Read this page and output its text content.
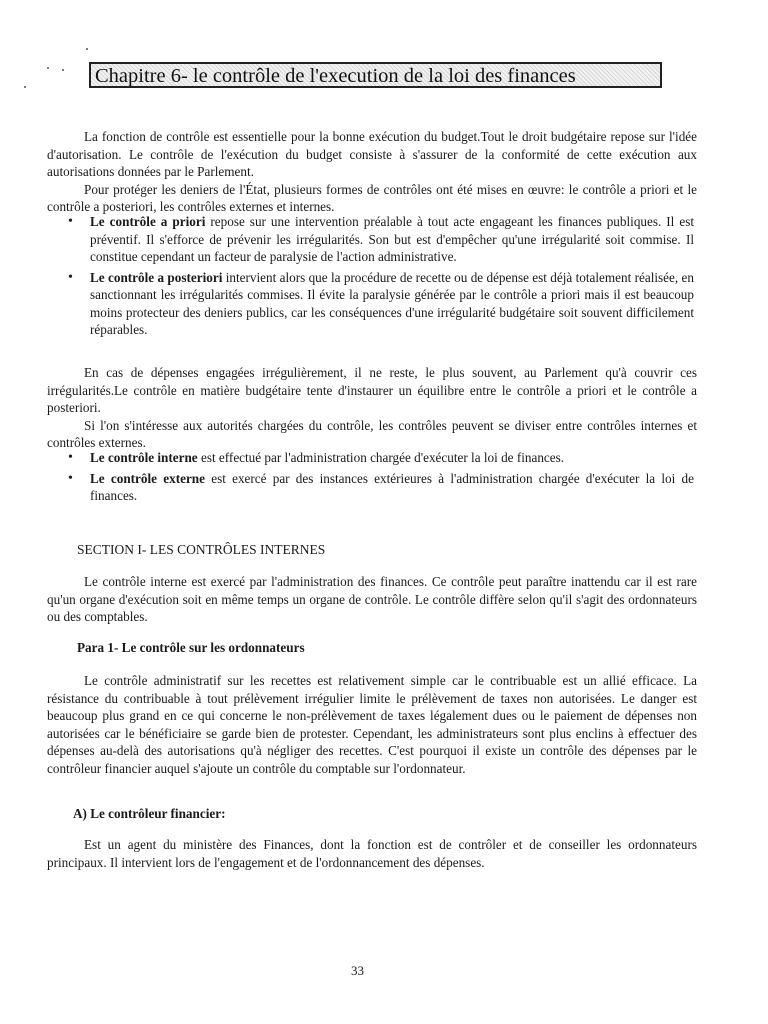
Chapitre 6- le contrôle de l'execution de la loi des finances

La fonction de contrôle est essentielle pour la bonne exécution du budget.Tout le droit budgétaire repose sur l'idée d'autorisation. Le contrôle de l'exécution du budget consiste à s'assurer de la conformité de cette exécution aux autorisations données par le Parlement.

Pour protéger les deniers de l'État, plusieurs formes de contrôles ont été mises en œuvre: le contrôle a priori et le contrôle a posteriori, les contrôles externes et internes.

• Le contrôle a priori repose sur une intervention préalable à tout acte engageant les finances publiques. Il est préventif. Il s'efforce de prévenir les irrégularités. Son but est d'empêcher qu'une irrégularité soit commise. Il constitue cependant un facteur de paralysie de l'action administrative.
• Le contrôle a posteriori intervient alors que la procédure de recette ou de dépense est déjà totalement réalisée, en sanctionnant les irrégularités commises. Il évite la paralysie générée par le contrôle a priori mais il est beaucoup moins protecteur des deniers publics, car les conséquences d'une irrégularité budgétaire soit souvent difficilement réparables.

En cas de dépenses engagées irrégulièrement, il ne reste, le plus souvent, au Parlement qu'à couvrir ces irrégularités.Le contrôle en matière budgétaire tente d'instaurer un équilibre entre le contrôle a priori et le contrôle a posteriori.

Si l'on s'intéresse aux autorités chargées du contrôle, les contrôles peuvent se diviser entre contrôles internes et contrôles externes.

• Le contrôle interne est effectué par l'administration chargée d'exécuter la loi de finances.
• Le contrôle externe est exercé par des instances extérieures à l'administration chargée d'exécuter la loi de finances.
SECTION I- LES CONTRÔLES INTERNES

Le contrôle interne est exercé par l'administration des finances. Ce contrôle peut paraître inattendu car il est rare qu'un organe d'exécution soit en même temps un organe de contrôle. Le contrôle diffère selon qu'il s'agit des ordonnateurs ou des comptables.

Para 1- Le contrôle sur les ordonnateurs

Le contrôle administratif sur les recettes est relativement simple car le contribuable est un allié efficace. La résistance du contribuable à tout prélèvement irrégulier limite le prélèvement de taxes non autorisées. Le danger est beaucoup plus grand en ce qui concerne le non-prélèvement de taxes légalement dues ou le paiement de dépenses non autorisées car le bénéficiaire se garde bien de protester. Cependant, les administrateurs sont plus enclins à effectuer des dépenses au-delà des autorisations qu'à négliger des recettes. C'est pourquoi il existe un contrôle des dépenses par le contrôleur financier auquel s'ajoute un contrôle du comptable sur l'ordonnateur.

A) Le contrôleur financier:

Est un agent du ministère des Finances, dont la fonction est de contrôler et de conseiller les ordonnateurs principaux. Il intervient lors de l'engagement et de l'ordonnancement des dépenses.

33
